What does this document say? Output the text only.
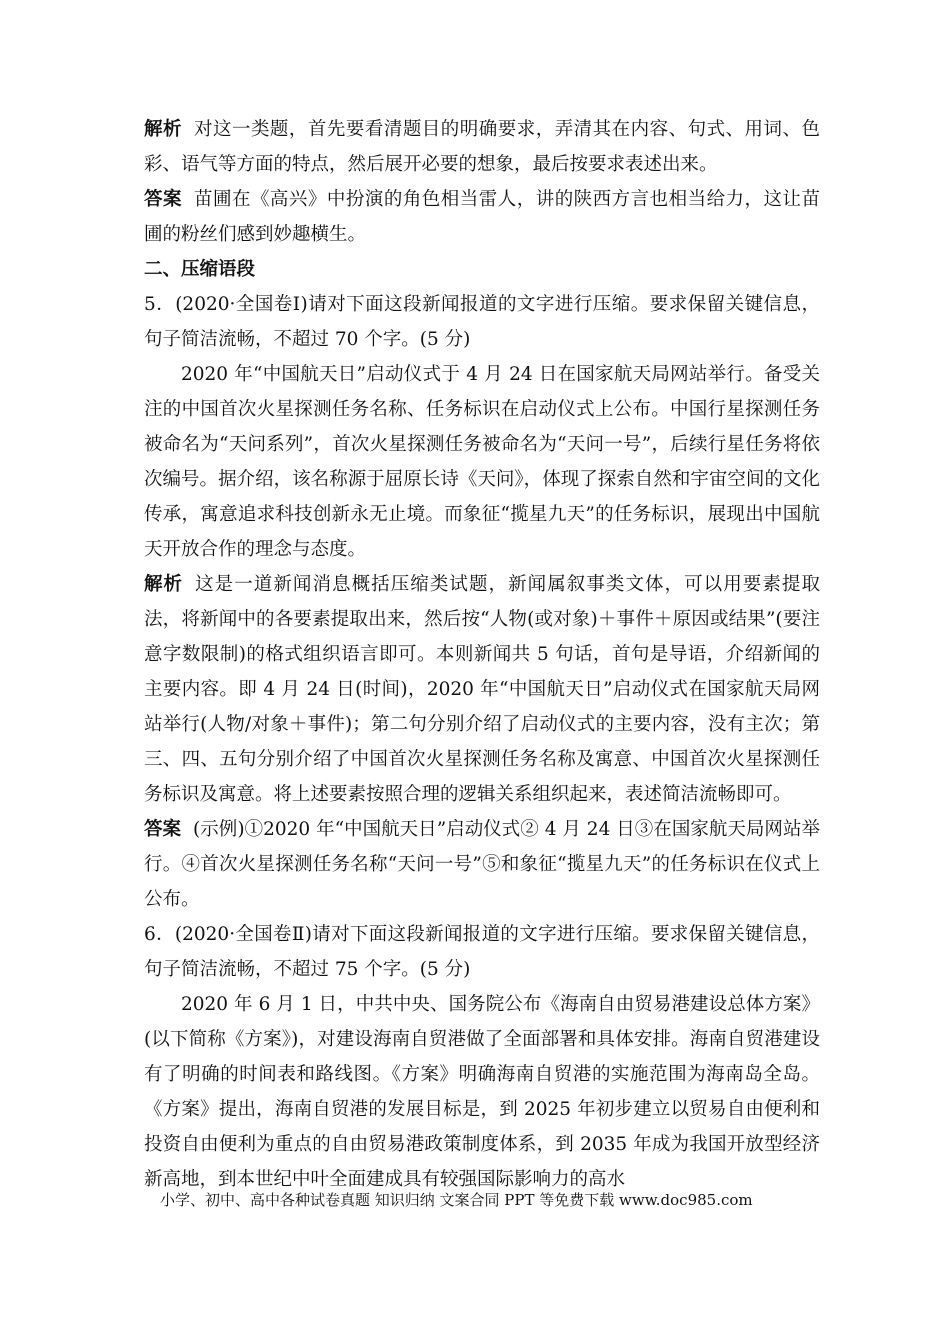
解析 对这一类题，首先要看清题目的明确要求，弄清其在内容、句式、用词、色彩、语气等方面的特点，然后展开必要的想象，最后按要求表述出来。

答案 苗圃在《高兴》中扮演的角色相当雷人，讲的陕西方言也相当给力，这让苗圃的粉丝们感到妙趣横生。

二、压缩语段

5．(2020·全国卷Ⅰ)请对下面这段新闻报道的文字进行压缩。要求保留关键信息，句子简洁流畅，不超过 70 个字。(5 分)

2020 年“中国航天日”启动仪式于 4 月 24 日在国家航天局网站举行。备受关注的中国首次火星探测任务名称、任务标识在启动仪式上公布。中国行星探测任务被命名为“天问系列”，首次火星探测任务被命名为“天问一号”，后续行星任务将依次编号。据介绍，该名称源于屈原长诗《天问》，体现了探索自然和宇宙空间的文化传承，寓意追求科技创新永无止境。而象征“揽星九天”的任务标识，展现出中国航天开放合作的理念与态度。

解析 这是一道新闻消息概括压缩类试题，新闻属叙事类文体，可以用要素提取法，将新闻中的各要素提取出来，然后按“人物(或对象)＋事件＋原因或结果”(要注意字数限制)的格式组织语言即可。本则新闻共 5 句话，首句是导语，介绍新闻的主要内容。即 4 月 24 日(时间)，2020 年“中国航天日”启动仪式在国家航天局网站举行(人物/对象＋事件)；第二句分别介绍了启动仪式的主要内容，没有主次；第三、四、五句分别介绍了中国首次火星探测任务名称及寓意、中国首次火星探测任务标识及寓意。将上述要素按照合理的逻辑关系组织起来，表述简洁流畅即可。

答案 (示例)①2020 年“中国航天日”启动仪式② 4 月 24 日③在国家航天局网站举行。④首次火星探测任务名称“天问一号”⑤和象征“揽星九天”的任务标识在仪式上公布。

6．(2020·全国卷Ⅱ)请对下面这段新闻报道的文字进行压缩。要求保留关键信息，句子简洁流畅，不超过 75 个字。(5 分)

2020 年 6 月 1 日，中共中央、国务院公布《海南自由贸易港建设总体方案》(以下简称《方案》)，对建设海南自贸港做了全面部署和具体安排。海南自贸港建设有了明确的时间表和路线图。《方案》明确海南自贸港的实施范围为海南岛全岛。《方案》提出，海南自贸港的发展目标是，到 2025 年初步建立以贸易自由便利和投资自由便利为重点的自由贸易港政策制度体系，到 2035 年成为我国开放型经济新高地，到本世纪中叶全面建成具有较强国际影响力的高水

小学、初中、高中各种试卷真题 知识归纳 文案合同 PPT 等免费下载 www.doc985.com
